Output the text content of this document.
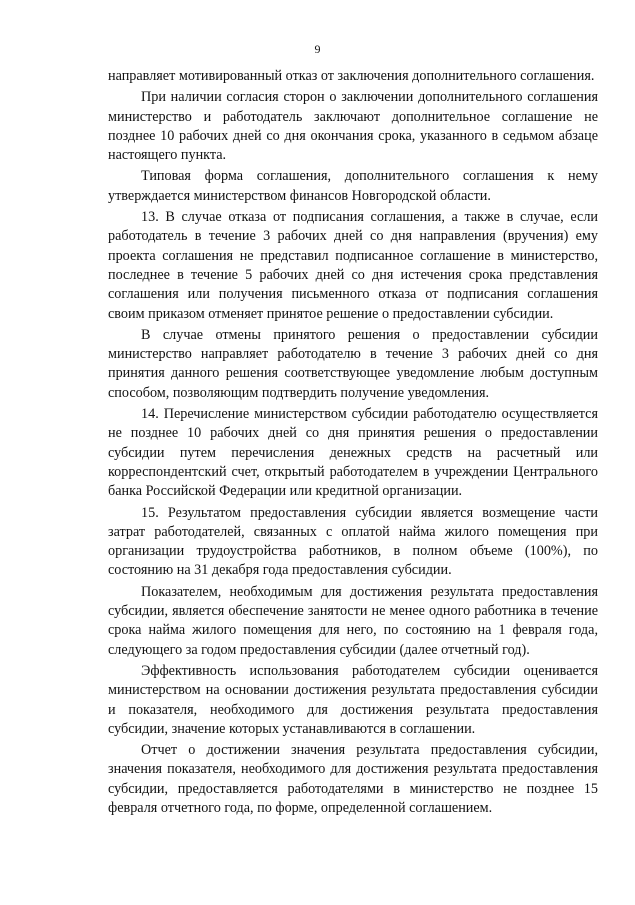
9

направляет мотивированный отказ от заключения дополнительного соглашения.

При наличии согласия сторон о заключении дополнительного соглашения министерство и работодатель заключают дополнительное соглашение не позднее 10 рабочих дней со дня окончания срока, указанного в седьмом абзаце настоящего пункта.

Типовая форма соглашения, дополнительного соглашения к нему утверждается министерством финансов Новгородской области.

13. В случае отказа от подписания соглашения, а также в случае, если работодатель в течение 3 рабочих дней со дня направления (вручения) ему проекта соглашения не представил подписанное соглашение в министерство, последнее в течение 5 рабочих дней со дня истечения срока представления соглашения или получения письменного отказа от подписания соглашения своим приказом отменяет принятое решение о предоставлении субсидии.

В случае отмены принятого решения о предоставлении субсидии министерство направляет работодателю в течение 3 рабочих дней со дня принятия данного решения соответствующее уведомление любым доступным способом, позволяющим подтвердить получение уведомления.

14. Перечисление министерством субсидии работодателю осуществляется не позднее 10 рабочих дней со дня принятия решения о предоставлении субсидии путем перечисления денежных средств на расчетный или корреспондентский счет, открытый работодателем в учреждении Центрального банка Российской Федерации или кредитной организации.

15. Результатом предоставления субсидии является возмещение части затрат работодателей, связанных с оплатой найма жилого помещения при организации трудоустройства работников, в полном объеме (100%), по состоянию на 31 декабря года предоставления субсидии.

Показателем, необходимым для достижения результата предоставления субсидии, является обеспечение занятости не менее одного работника в течение срока найма жилого помещения для него, по состоянию на 1 февраля года, следующего за годом предоставления субсидии (далее отчетный год).

Эффективность использования работодателем субсидии оценивается министерством на основании достижения результата предоставления субсидии и показателя, необходимого для достижения результата предоставления субсидии, значение которых устанавливаются в соглашении.

Отчет о достижении значения результата предоставления субсидии, значения показателя, необходимого для достижения результата предоставления субсидии, предоставляется работодателями в министерство не позднее 15 февраля отчетного года, по форме, определенной соглашением.
